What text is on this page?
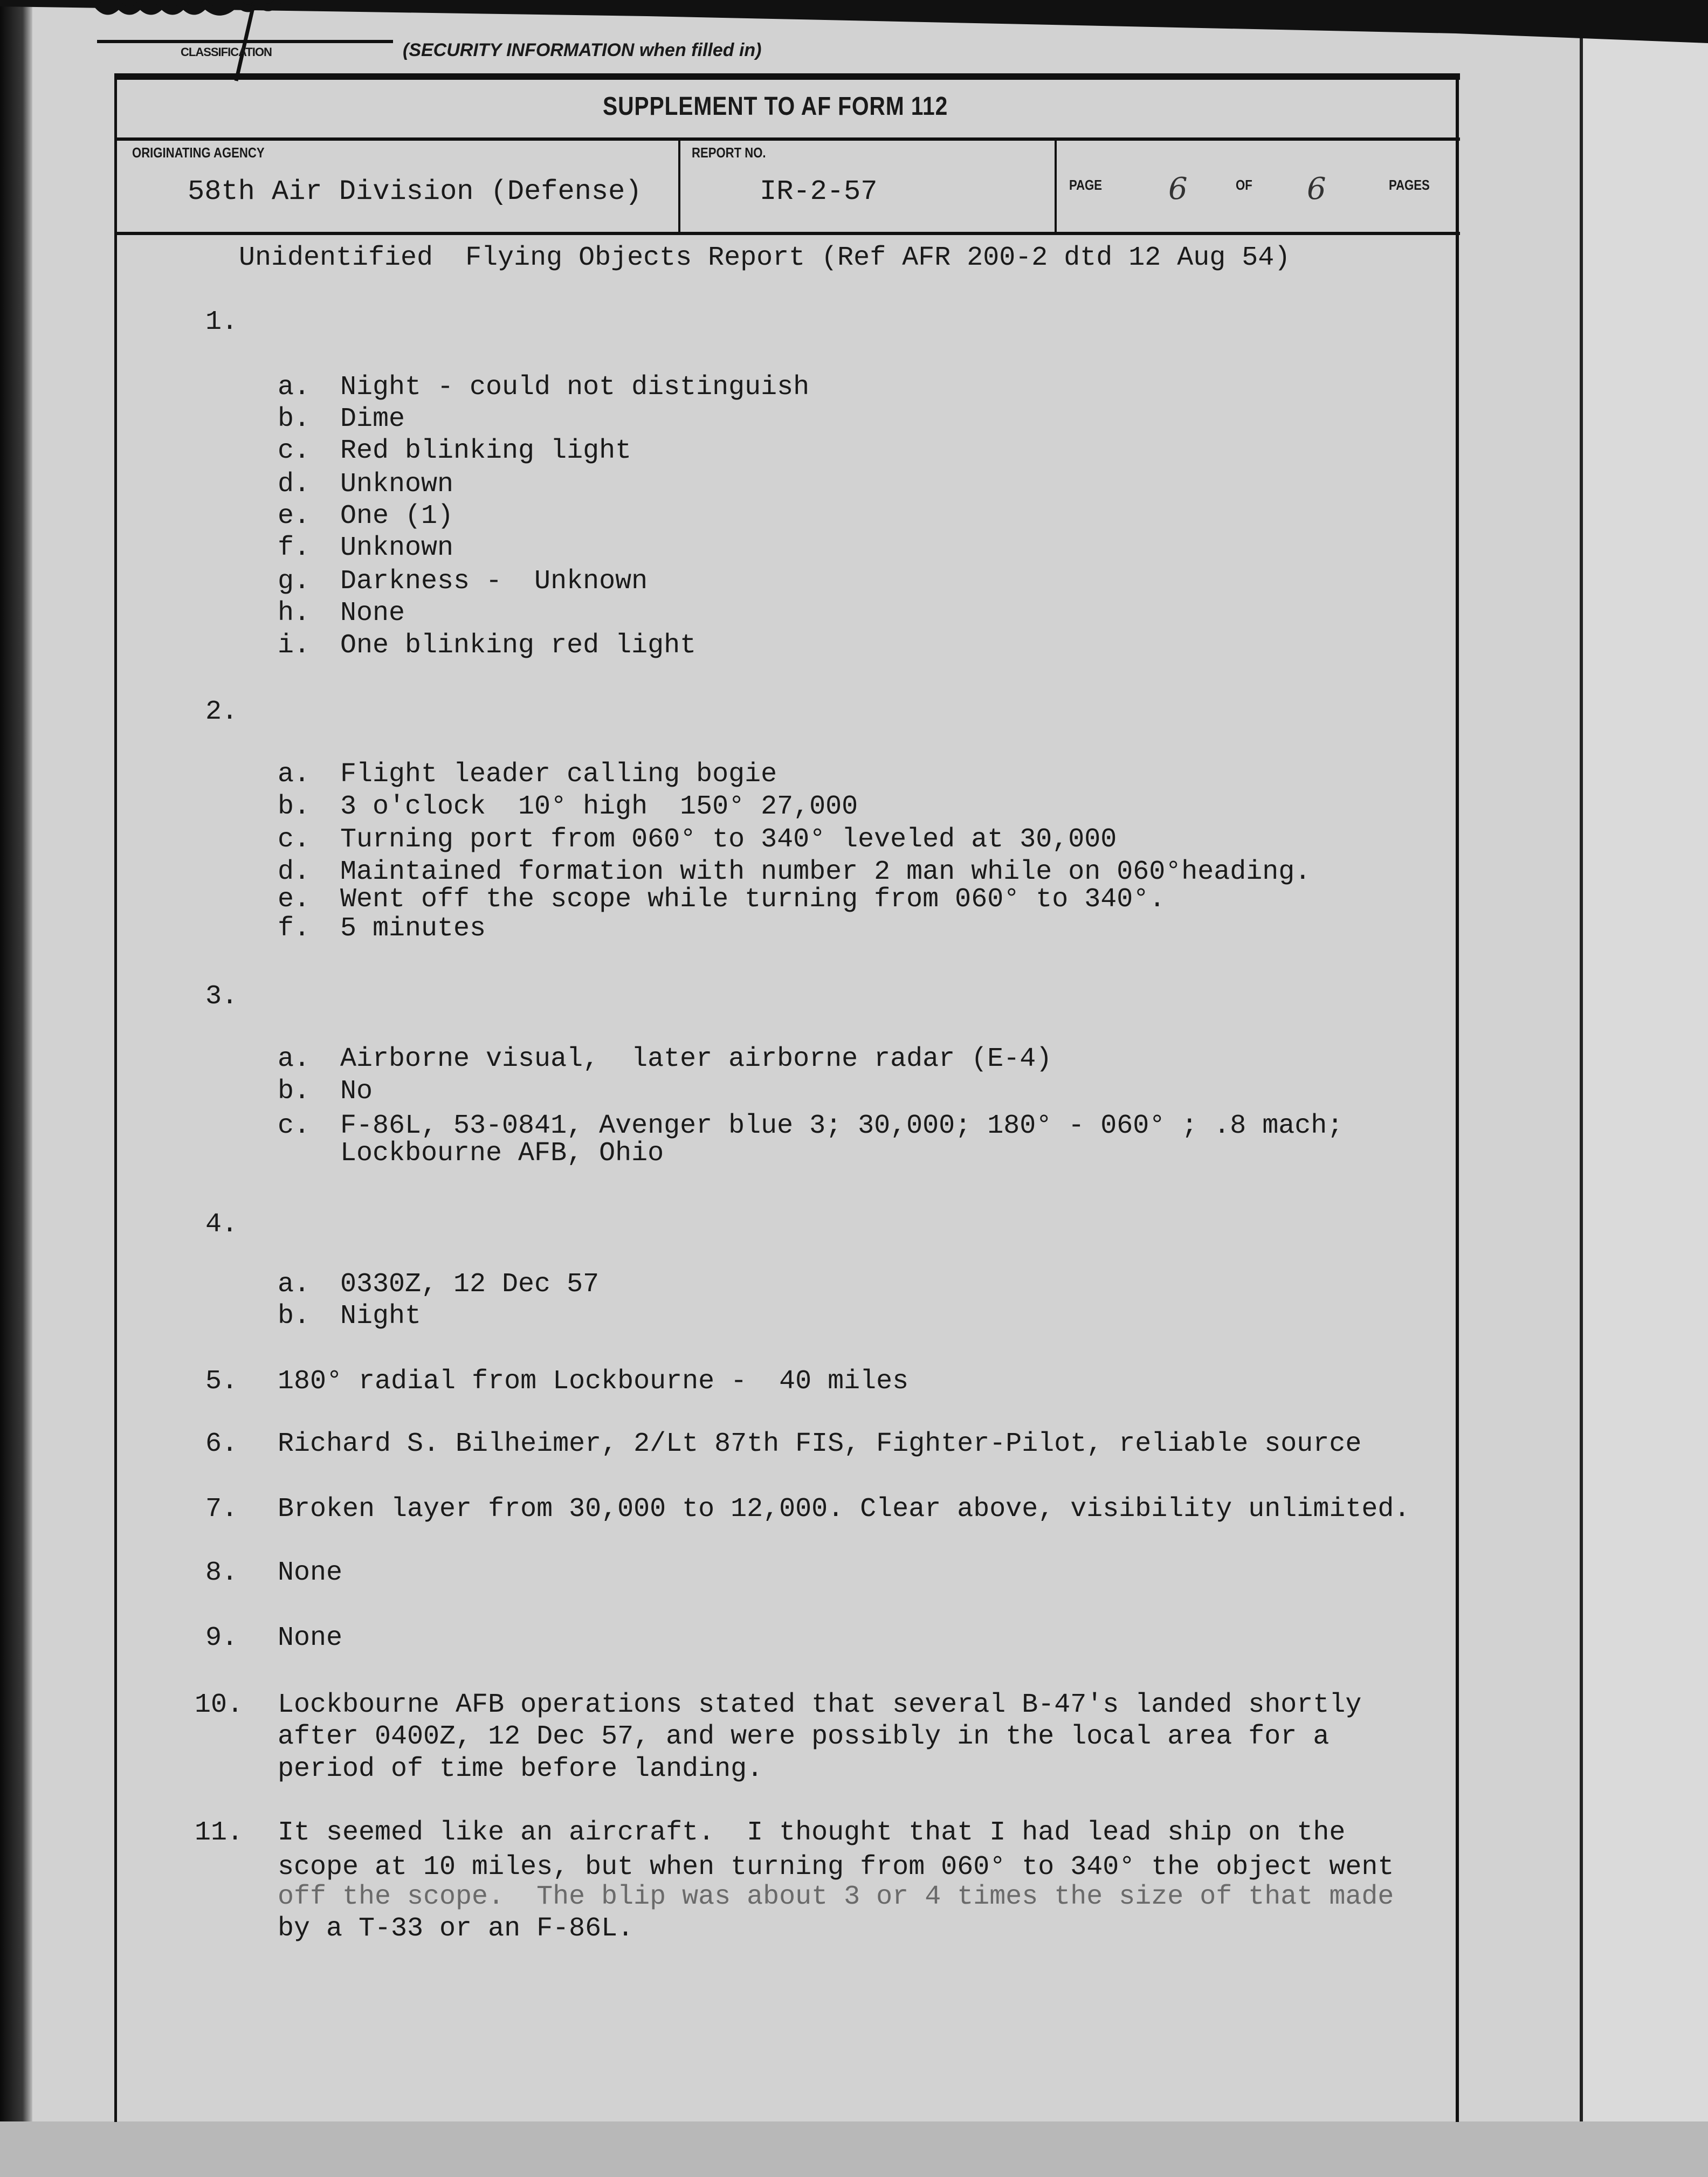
CLASSIFICATION	(SECURITY INFORMATION when filled in)
SUPPLEMENT TO AF FORM 112
ORIGINATING AGENCY
58th Air Division (Defense)
REPORT NO.
IR-2-57	PAGE 6	OF 6	PAGES
Unidentified  Flying Objects Report (Ref AFR 200-2 dtd 12 Aug 54)
1.
a. Night - could not distinguish
b. Dime
c. Red blinking light
d. Unknown
e. One (1)
f. Unknown
g. Darkness -  Unknown
h. None
i. One blinking red light
2.
a. Flight leader calling bogie
b. 3 o'clock  10° high  150° 27,000
c. Turning port from 060° to 340° leveled at 30,000
d. Maintained formation with number 2 man while on 060°heading.
e. Went off the scope while turning from 060° to 340°.
f. 5 minutes
3.
a. Airborne visual,  later airborne radar (E-4)
b. No
c. F-86L, 53-0841, Avenger blue 3; 30,000; 180° - 060° ; .8 mach;
Lockbourne AFB, Ohio
4.
a. 0330Z, 12 Dec 57
b. Night
5. 180° radial from Lockbourne -  40 miles
6. Richard S. Bilheimer, 2/Lt 87th FIS, Fighter-Pilot, reliable source
7. Broken layer from 30,000 to 12,000. Clear above, visibility unlimited.
8. None
9. None
10. Lockbourne AFB operations stated that several B-47's landed shortly
after 0400Z, 12 Dec 57, and were possibly in the local area for a
period of time before landing.
11. It seemed like an aircraft.  I thought that I had lead ship on the
scope at 10 miles, but when turning from 060° to 340° the object went
off the scope.  The blip was about 3 or 4 times the size of that made
by a T-33 or an F-86L.
